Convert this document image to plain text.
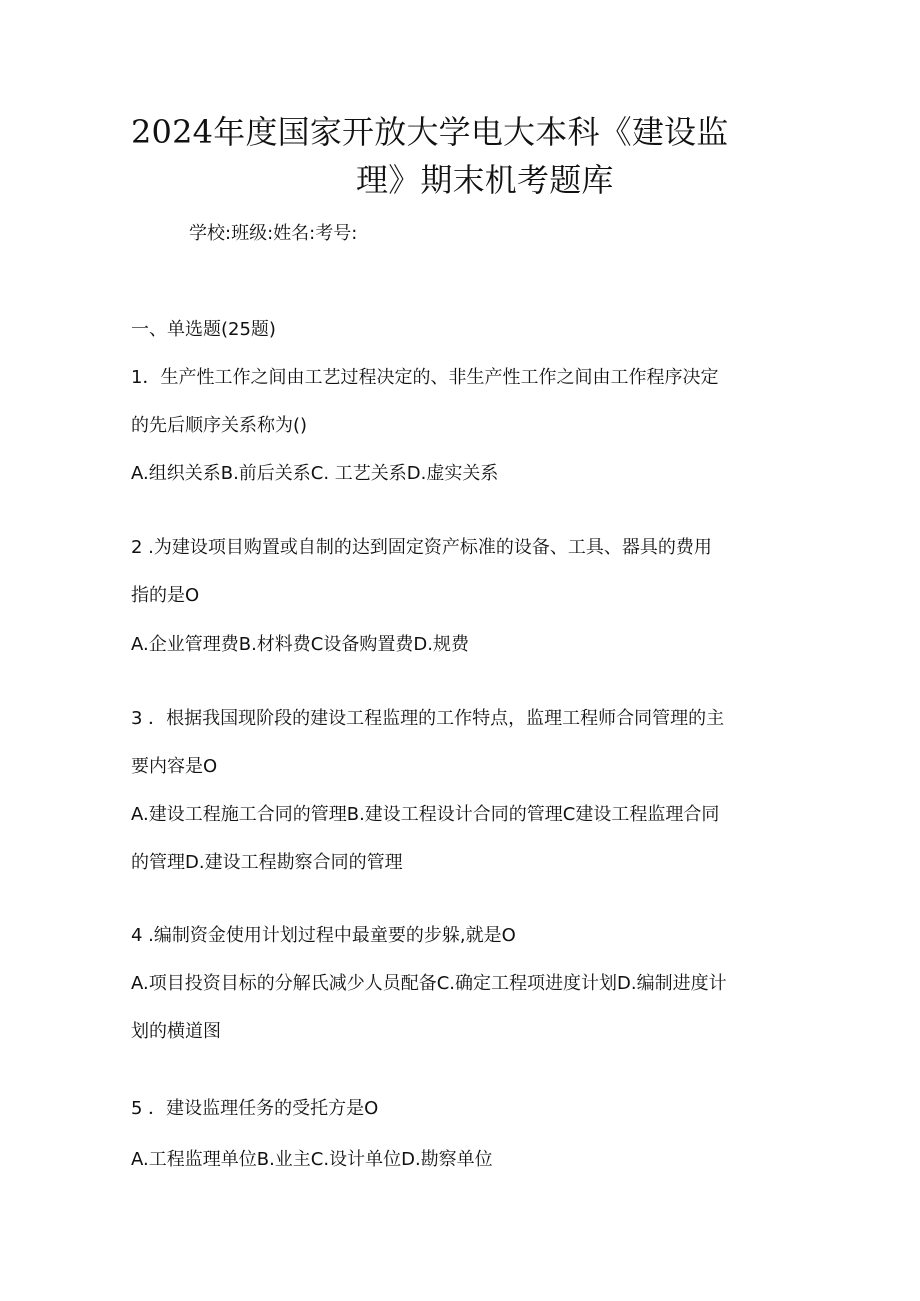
2024年度国家开放大学电大本科《建设监
理》期末机考题库
学校:班级:姓名:考号:
一、单选题(25题)
1．生产性工作之间由工艺过程决定的、非生产性工作之间由工作程序决定
的先后顺序关系称为()
A.组织关系B.前后关系C. 工艺关系D.虚实关系
2 .为建设项目购置或自制的达到固定资产标准的设备、工具、器具的费用
指的是O
A.企业管理费B.材料费C设备购置费D.规费
3 ．根据我国现阶段的建设工程监理的工作特点，监理工程师合同管理的主
要内容是O
A.建设工程施工合同的管理B.建设工程设计合同的管理C建设工程监理合同
的管理D.建设工程勘察合同的管理
4 .编制资金使用计划过程中最童要的步躲,就是O
A.项目投资目标的分解氏减少人员配备C.确定工程项进度计划D.编制进度计
划的横道图
5 ．建设监理任务的受托方是O
A.工程监理单位B.业主C.设计单位D.勘察单位
